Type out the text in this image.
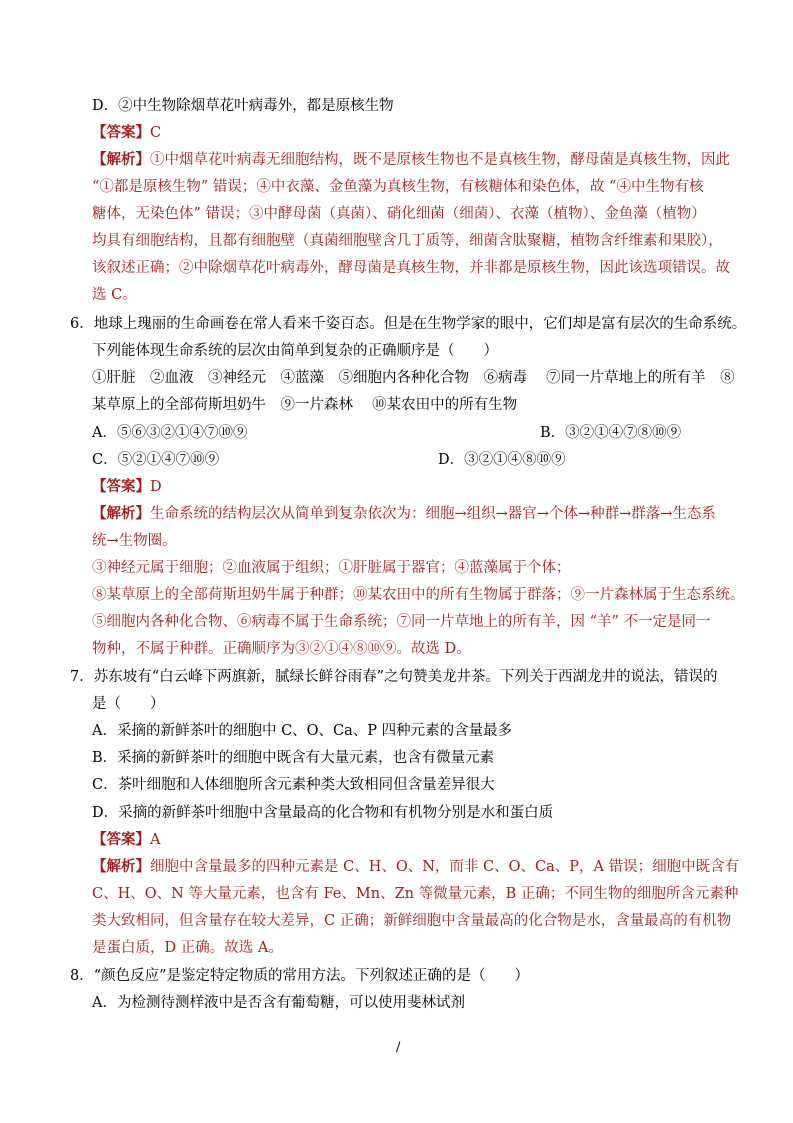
D．②中生物除烟草花叶病毒外，都是原核生物
【答案】C
【解析】①中烟草花叶病毒无细胞结构，既不是原核生物也不是真核生物，酵母菌是真核生物，因此
“①都是原核生物” 错误；④中衣藻、金鱼藻为真核生物，有核糖体和染色体，故 “④中生物有核
糖体，无染色体” 错误；③中酵母菌（真菌）、硝化细菌（细菌）、衣藻（植物）、金鱼藻（植物）
均具有细胞结构，且都有细胞壁（真菌细胞壁含几丁质等，细菌含肽聚糖，植物含纤维素和果胶），
该叙述正确；②中除烟草花叶病毒外，酵母菌是真核生物，并非都是原核生物，因此该选项错误。故
选 C。
6．地球上瑰丽的生命画卷在常人看来千姿百态。但是在生物学家的眼中，它们却是富有层次的生命系统。
下列能体现生命系统的层次由简单到复杂的正确顺序是（　　）
①肝脏　②血液　③神经元　④蓝藻　⑤细胞内各种化合物　⑥病毒　 ⑦同一片草地上的所有羊　⑧
某草原上的全部荷斯坦奶牛　⑨一片森林　 ⑩某农田中的所有生物
A．⑤⑥③②①④⑦⑩⑨	B．③②①④⑦⑧⑩⑨
C．⑤②①④⑦⑩⑨	D．③②①④⑧⑩⑨
【答案】D
【解析】生命系统的结构层次从简单到复杂依次为：细胞→组织→器官→个体→种群→群落→生态系
统→生物圈。
③神经元属于细胞；②血液属于组织；①肝脏属于器官；④蓝藻属于个体；
⑧某草原上的全部荷斯坦奶牛属于种群；⑩某农田中的所有生物属于群落；⑨一片森林属于生态系统。
⑤细胞内各种化合物、⑥病毒不属于生命系统；⑦同一片草地上的所有羊，因 “羊” 不一定是同一
物种，不属于种群。正确顺序为③②①④⑧⑩⑨。故选 D。
7．苏东坡有“白云峰下两旗新，腻绿长鲜谷雨春”之句赞美龙井茶。下列关于西湖龙井的说法，错误的
是（　　）
A．采摘的新鲜茶叶的细胞中 C、O、Ca、P 四种元素的含量最多
B．采摘的新鲜茶叶的细胞中既含有大量元素，也含有微量元素
C．茶叶细胞和人体细胞所含元素种类大致相同但含量差异很大
D．采摘的新鲜茶叶细胞中含量最高的化合物和有机物分别是水和蛋白质
【答案】A
【解析】细胞中含量最多的四种元素是 C、H、O、N，而非 C、O、Ca、P，A 错误；细胞中既含有
C、H、O、N 等大量元素，也含有 Fe、Mn、Zn 等微量元素，B 正确；不同生物的细胞所含元素种
类大致相同，但含量存在较大差异，C 正确；新鲜细胞中含量最高的化合物是水，含量最高的有机物
是蛋白质，D 正确。故选 A。
8．“颜色反应”是鉴定特定物质的常用方法。下列叙述正确的是（　　）
A．为检测待测样液中是否含有葡萄糖，可以使用斐林试剂
/
